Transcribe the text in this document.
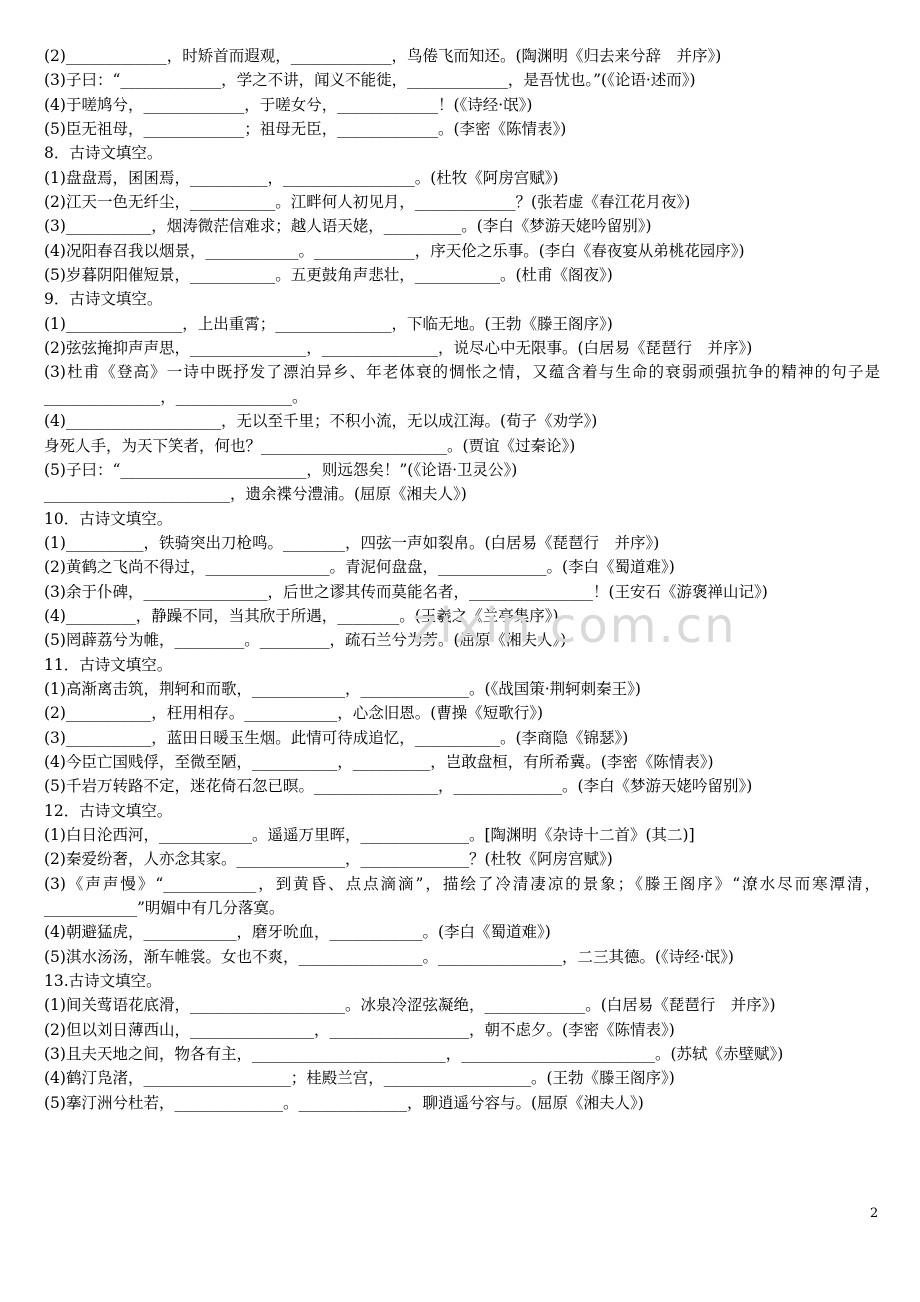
(2)_____________，时矫首而遐观，_____________，鸟倦飞而知还。(陶渊明《归去来兮辞　并序》)
(3)子曰：“_____________，学之不讲，闻义不能徙，_____________，是吾忧也。”(《论语·述而》)
(4)于嗟鸠兮，_____________，于嗟女兮，_____________！(《诗经·氓》)
(5)臣无祖母，_____________；祖母无臣，_____________。(李密《陈情表》)
8．古诗文填空。
(1)盘盘焉，囷囷焉，__________，_________________。(杜牧《阿房宫赋》)
(2)江天一色无纤尘，___________。江畔何人初见月，_____________？(张若虚《春江花月夜》)
(3)___________，烟涛微茫信难求；越人语天姥，__________。(李白《梦游天姥吟留别》)
(4)况阳春召我以烟景，____________。_____________，序天伦之乐事。(李白《春夜宴从弟桃花园序》)
(5)岁暮阴阳催短景，___________。五更鼓角声悲壮，___________。(杜甫《阁夜》)
9．古诗文填空。
(1)_______________，上出重霄；_______________，下临无地。(王勃《滕王阁序》)
(2)弦弦掩抑声声思，_______________，_______________，说尽心中无限事。(白居易《琵琶行　并序》)
(3)杜甫《登高》一诗中既抒发了漂泊异乡、年老体衰的惆怅之情，又蕴含着与生命的衰弱顽强抗争的精神的句子是_______________，_______________。
(4)____________________，无以至千里；不积小流，无以成江海。(荀子《劝学》)
身死人手，为天下笑者，何也？________________________。(贾谊《过秦论》)
(5)子曰：“________________________，则远怨矣！”(《论语·卫灵公》)
________________________，遗余褋兮澧浦。(屈原《湘夫人》)
10．古诗文填空。
(1)__________，铁骑突出刀枪鸣。________，四弦一声如裂帛。(白居易《琵琶行　并序》)
(2)黄鹤之飞尚不得过，________________。青泥何盘盘，______________。(李白《蜀道难》)
(3)余于仆碑，________________，后世之谬其传而莫能名者，________________！(王安石《游褒禅山记》)
(4)_________，静躁不同，当其欣于所遇，________。(王羲之《兰亭集序》)
(5)罔薜荔兮为帷，_________。_________，疏石兰兮为芳。(屈原《湘夫人》)
11．古诗文填空。
(1)高渐离击筑，荆轲和而歌，____________，______________。(《战国策·荆轲刺秦王》)
(2)___________，枉用相存。____________，心念旧恩。(曹操《短歌行》)
(3)___________，蓝田日暖玉生烟。此情可待成追忆，___________。(李商隐《锦瑟》)
(4)今臣亡国贱俘，至微至陋，___________，__________，岂敢盘桓，有所希冀。(李密《陈情表》)
(5)千岩万转路不定，迷花倚石忽已暝。________________，______________。(李白《梦游天姥吟留别》)
12．古诗文填空。
(1)白日沦西河，____________。遥遥万里晖，______________。[陶渊明《杂诗十二首》(其二)]
(2)秦爱纷奢，人亦念其家。______________，______________？(杜牧《阿房宫赋》)
(3)《声声慢》“____________，到黄昏、点点滴滴”，描绘了冷清凄凉的景象；《滕王阁序》“潦水尽而寒潭清，____________”明媚中有几分落寞。
(4)朝避猛虎，____________，磨牙吮血，____________。(李白《蜀道难》)
(5)淇水汤汤，渐车帷裳。女也不爽，________________。________________，二三其德。(《诗经·氓》)
13.古诗文填空。
(1)间关莺语花底滑，____________________。冰泉冷涩弦凝绝，_____________。(白居易《琵琶行　并序》)
(2)但以刘日薄西山，________________，__________________，朝不虑夕。(李密《陈情表》)
(3)且夫天地之间，物各有主，_________________________，_________________________。(苏轼《赤壁赋》)
(4)鹤汀凫渚，___________________；桂殿兰宫，___________________。(王勃《滕王阁序》)
(5)搴汀洲兮杜若，______________。______________，聊逍遥兮容与。(屈原《湘夫人》)
zixin.com.cn
2
